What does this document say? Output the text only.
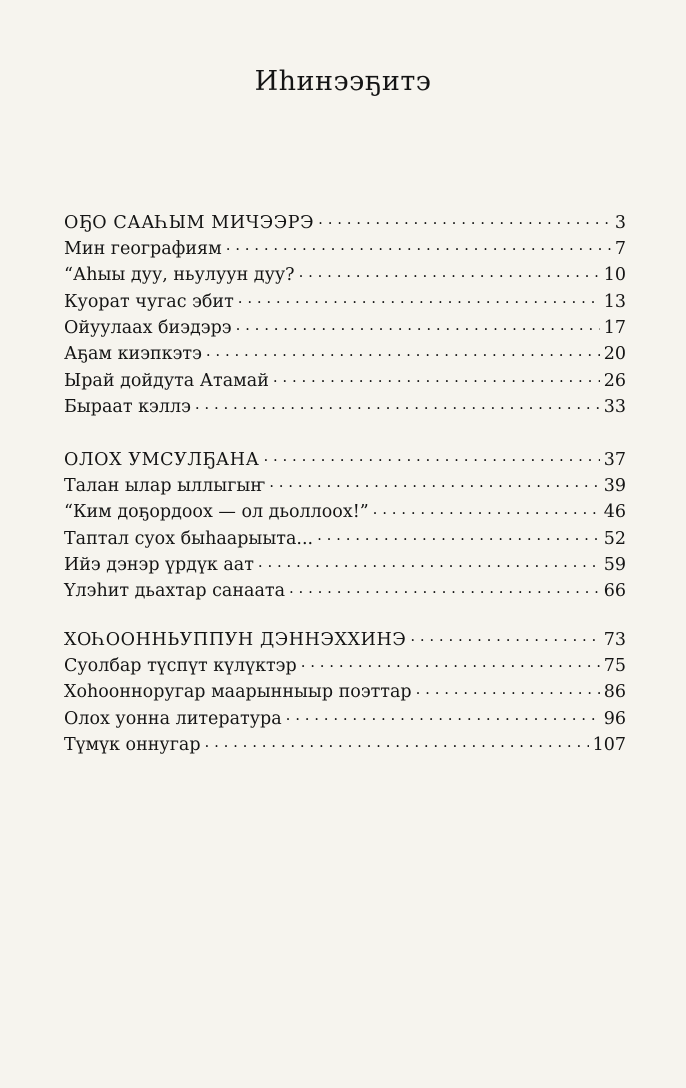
Иһинээҕитэ
ОҔО СААҺЫМ МИЧЭЭРЭ . . .	3
Мин географиям . . .	7
“Аһыы дуу, ньулуун дуу? . . .	10
Куорат чугас эбит . . .	13
Ойуулаах биэдэрэ . . .	17
Аҕам киэпкэтэ . . .	20
Ырай дойдута Атамай . . .	26
Быраат кэллэ . . .	33
ОЛОХ УМСУЛҔАНА . . .	37
Талан ылар ыллыгыҥ . . .	39
“Ким доҕордоох — ол дьоллоох!” . . .	46
Таптал суох быһаарыыта... . . .	52
Ийэ дэнэр үрдүк аат . . .	59
Үлэһит дьахтар санаата . . .	66
ХОҺООННЬУППУН ДЭННЭХХИНЭ . . .	73
Суолбар түспүт күлүктэр . . .	75
Хоһоонноругар маарынныыр поэттар . . .	86
Олох уонна литература . . .	96
Түмүк оннугар . . .	107
